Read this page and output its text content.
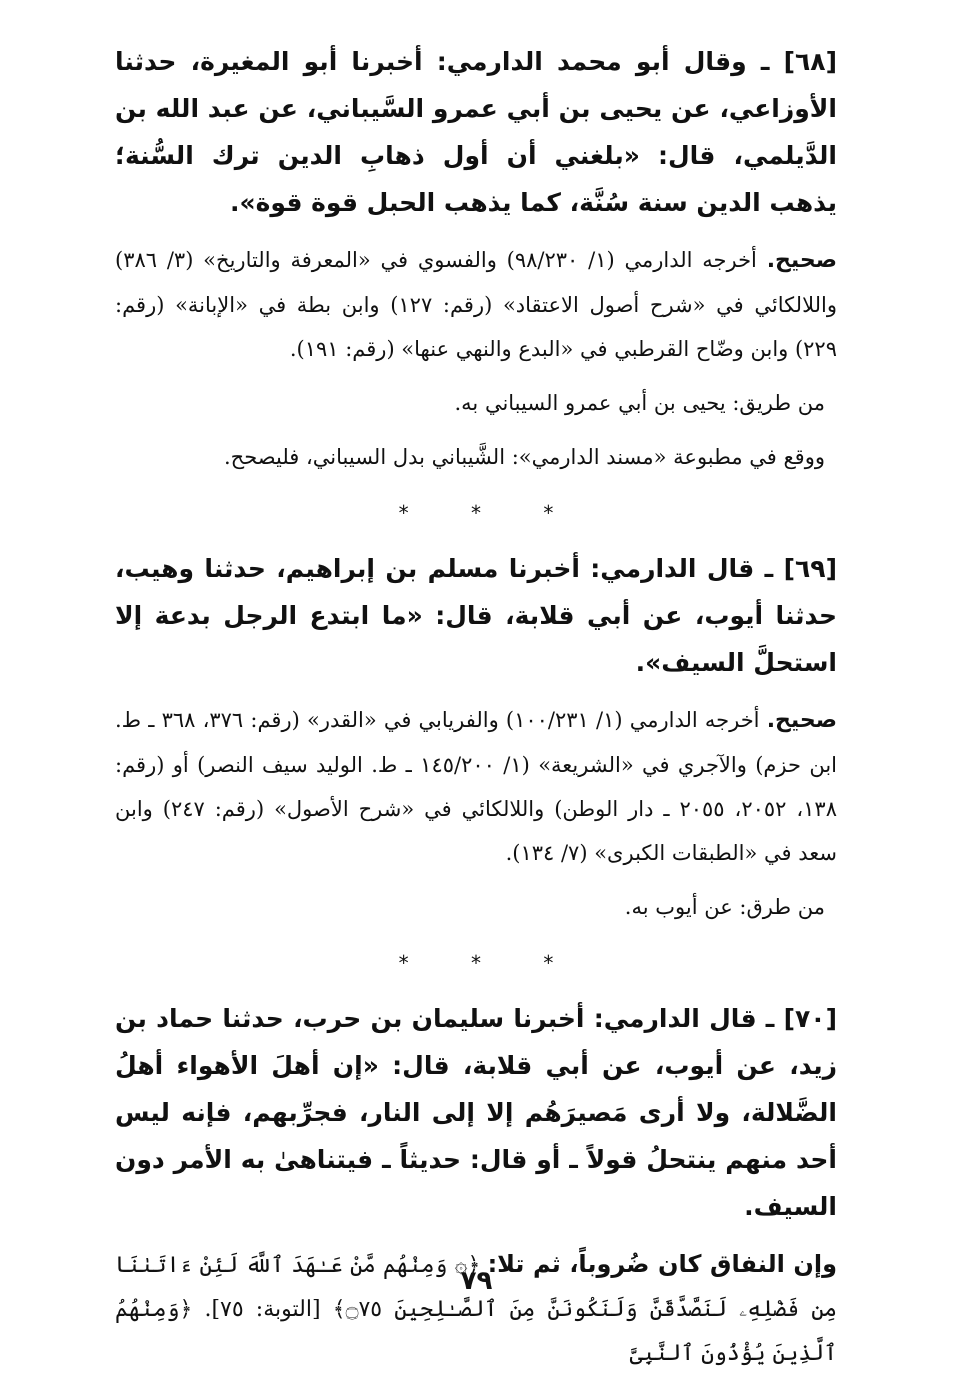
[٦٨] ـ وقال أبو محمد الدارمي: أخبرنا أبو المغيرة، حدثنا الأوزاعي، عن يحيى بن أبي عمرو السَّيباني، عن عبد الله بن الدَّيلمي، قال: «بلغني أن أول ذهابِ الدين ترك السُّنة؛ يذهب الدين سنة سُنَّة، كما يذهب الحبل قوة قوة».

صحيح. أخرجه الدارمي (١/ ٩٨/٢٣٠) والفسوي في «المعرفة والتاريخ» (٣/ ٣٨٦) واللالكائي في «شرح أصول الاعتقاد» (رقم: ١٢٧) وابن بطة في «الإبانة» (رقم: ٢٢٩) وابن وضّاح القرطبي في «البدع والنهي عنها» (رقم: ١٩١).

من طريق: يحيى بن أبي عمرو السيباني به.

ووقع في مطبوعة «مسند الدارمي»: الشَّيباني بدل السيباني، فليصحح.

* * *

[٦٩] ـ قال الدارمي: أخبرنا مسلم بن إبراهيم، حدثنا وهيب، حدثنا أيوب، عن أبي قلابة، قال: «ما ابتدع الرجل بدعة إلا استحلَّ السيف».

صحيح. أخرجه الدارمي (١/ ١٠٠/٢٣١) والفريابي في «القدر» (رقم: ٣٧٦، ٣٦٨ ـ ط. ابن حزم) والآجري في «الشريعة» (١/ ١٤٥/٢٠٠ ـ ط. الوليد سيف النصر) أو (رقم: ١٣٨، ٢٠٥٢، ٢٠٥٥ ـ دار الوطن) واللالكائي في «شرح الأصول» (رقم: ٢٤٧) وابن سعد في «الطبقات الكبرى» (٧/ ١٣٤).

من طرق: عن أيوب به.

* * *

[٧٠] ـ قال الدارمي: أخبرنا سليمان بن حرب، حدثنا حماد بن زيد، عن أيوب، عن أبي قلابة، قال: «إن أهلَ الأهواء أهلُ الضَّلالة، ولا أرى مَصيرَهُم إلا إلى النار، فجرِّبهم، فإنه ليس أحد منهم ينتحلُ قولاً ـ أو قال: حديثاً ـ فيتناهىٰ به الأمر دون السيف.

وإن النفاق كان ضُروباً، ثم تلا: ﴿۞ وَمِنْهُم مَّنْ عَـٰهَدَ ٱللَّهَ لَئِنْ ءَاتَىٰنَا مِن فَضْلِهِۦ لَنَصَّدَّقَنَّ وَلَنَكُونَنَّ مِنَ ٱلصَّـٰلِحِينَ ۝٧٥﴾ [التوبة: ٧٥]. ﴿وَمِنْهُمُ ٱلَّذِينَ يُؤْذُونَ ٱلنَّبِىَّ

٧٩
